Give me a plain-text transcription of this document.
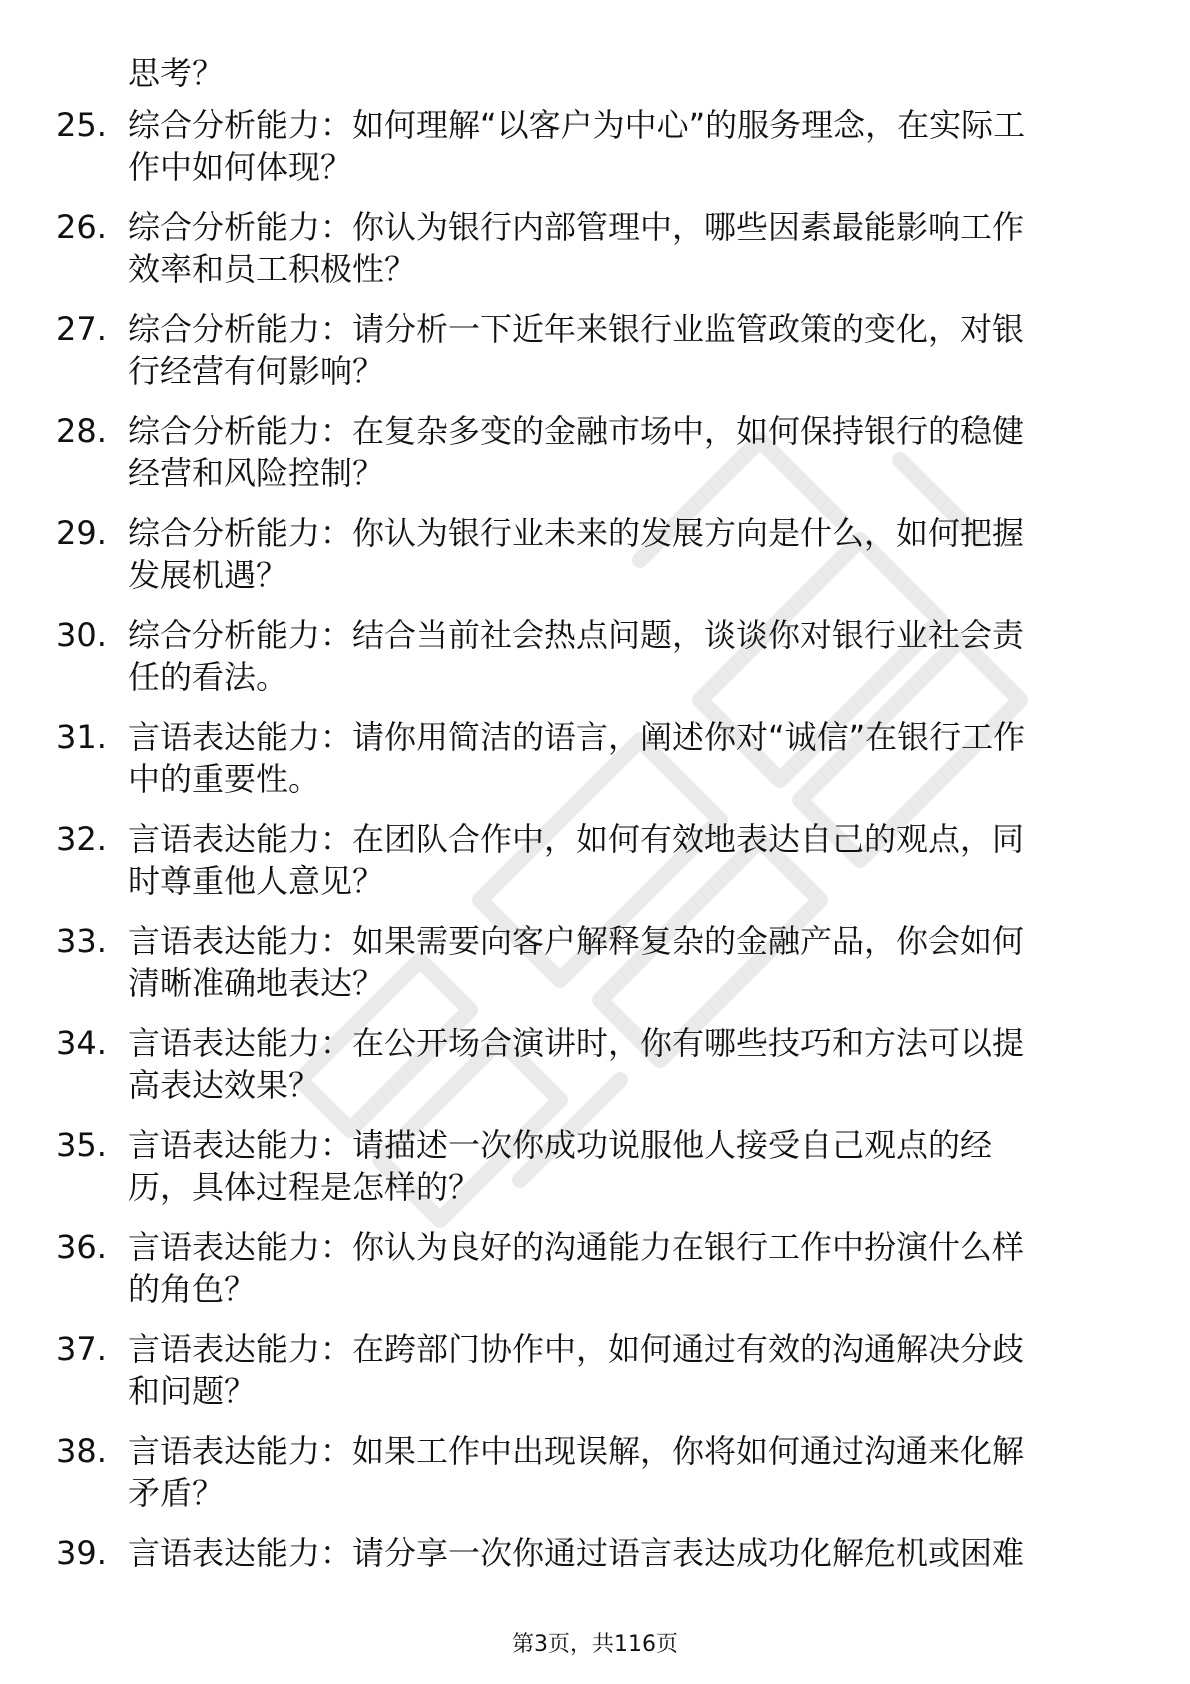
思考？
25. 综合分析能力：如何理解“以客户为中心”的服务理念，在实际工
作中如何体现？
26. 综合分析能力：你认为银行内部管理中，哪些因素最能影响工作
效率和员工积极性？
27. 综合分析能力：请分析一下近年来银行业监管政策的变化，对银
行经营有何影响？
28. 综合分析能力：在复杂多变的金融市场中，如何保持银行的稳健
经营和风险控制？
29. 综合分析能力：你认为银行业未来的发展方向是什么，如何把握
发展机遇？
30. 综合分析能力：结合当前社会热点问题，谈谈你对银行业社会责
任的看法。
31. 言语表达能力：请你用简洁的语言，阐述你对“诚信”在银行工作
中的重要性。
32. 言语表达能力：在团队合作中，如何有效地表达自己的观点，同
时尊重他人意见？
33. 言语表达能力：如果需要向客户解释复杂的金融产品，你会如何
清晰准确地表达？
34. 言语表达能力：在公开场合演讲时，你有哪些技巧和方法可以提
高表达效果？
35. 言语表达能力：请描述一次你成功说服他人接受自己观点的经
历，具体过程是怎样的？
36. 言语表达能力：你认为良好的沟通能力在银行工作中扮演什么样
的角色？
37. 言语表达能力：在跨部门协作中，如何通过有效的沟通解决分歧
和问题？
38. 言语表达能力：如果工作中出现误解，你将如何通过沟通来化解
矛盾？
39. 言语表达能力：请分享一次你通过语言表达成功化解危机或困难
第3页，共116页
